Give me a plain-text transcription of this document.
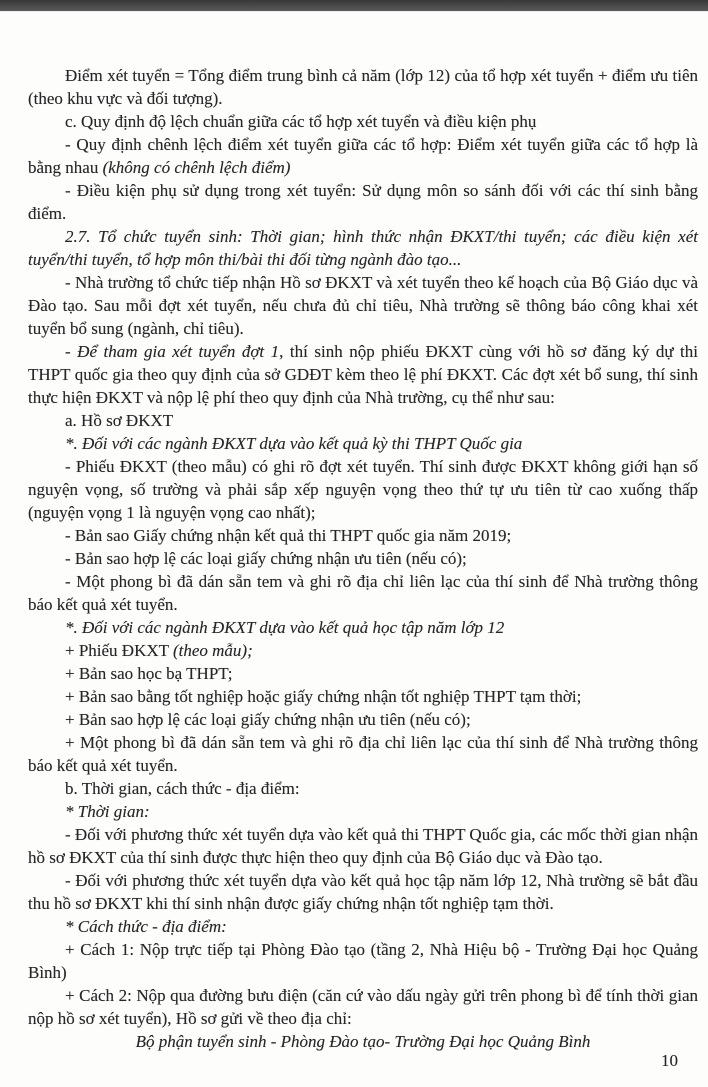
Điểm xét tuyển = Tổng điểm trung bình cả năm (lớp 12) của tổ hợp xét tuyển + điểm ưu tiên (theo khu vực và đối tượng).

c. Quy định độ lệch chuẩn giữa các tổ hợp xét tuyển và điều kiện phụ

- Quy định chênh lệch điểm xét tuyển giữa các tổ hợp: Điểm xét tuyển giữa các tổ hợp là bằng nhau (không có chênh lệch điểm)

- Điều kiện phụ sử dụng trong xét tuyển: Sử dụng môn so sánh đối với các thí sinh bằng điểm.

2.7. Tổ chức tuyển sinh: Thời gian; hình thức nhận ĐKXT/thi tuyển; các điều kiện xét tuyển/thi tuyển, tổ hợp môn thi/bài thi đối từng ngành đào tạo...

- Nhà trường tổ chức tiếp nhận Hồ sơ ĐKXT và xét tuyển theo kế hoạch của Bộ Giáo dục và Đào tạo. Sau mỗi đợt xét tuyển, nếu chưa đủ chỉ tiêu, Nhà trường sẽ thông báo công khai xét tuyển bổ sung (ngành, chỉ tiêu).

- Để tham gia xét tuyển đợt 1, thí sinh nộp phiếu ĐKXT cùng với hồ sơ đăng ký dự thi THPT quốc gia theo quy định của sở GDĐT kèm theo lệ phí ĐKXT. Các đợt xét bổ sung, thí sinh thực hiện ĐKXT và nộp lệ phí theo quy định của Nhà trường, cụ thể như sau:

a. Hồ sơ ĐKXT

*. Đối với các ngành ĐKXT dựa vào kết quả kỳ thi THPT Quốc gia

- Phiếu ĐKXT (theo mẫu) có ghi rõ đợt xét tuyển. Thí sinh được ĐKXT không giới hạn số nguyện vọng, số trường và phải sắp xếp nguyện vọng theo thứ tự ưu tiên từ cao xuống thấp (nguyện vọng 1 là nguyện vọng cao nhất);

- Bản sao Giấy chứng nhận kết quả thi THPT quốc gia năm 2019;

- Bản sao hợp lệ các loại giấy chứng nhận ưu tiên (nếu có);

- Một phong bì đã dán sẵn tem và ghi rõ địa chỉ liên lạc của thí sinh để Nhà trường thông báo kết quả xét tuyển.

*. Đối với các ngành ĐKXT dựa vào kết quả học tập năm lớp 12

+ Phiếu ĐKXT (theo mẫu);

+ Bản sao học bạ THPT;

+ Bản sao bằng tốt nghiệp hoặc giấy chứng nhận tốt nghiệp THPT tạm thời;

+ Bản sao hợp lệ các loại giấy chứng nhận ưu tiên (nếu có);

+ Một phong bì đã dán sẵn tem và ghi rõ địa chỉ liên lạc của thí sinh để Nhà trường thông báo kết quả xét tuyển.

b. Thời gian, cách thức - địa điểm:

* Thời gian:

- Đối với phương thức xét tuyển dựa vào kết quả thi THPT Quốc gia, các mốc thời gian nhận hồ sơ ĐKXT của thí sinh được thực hiện theo quy định của Bộ Giáo dục và Đào tạo.

- Đối với phương thức xét tuyển dựa vào kết quả học tập năm lớp 12, Nhà trường sẽ bắt đầu thu hồ sơ ĐKXT khi thí sinh nhận được giấy chứng nhận tốt nghiệp tạm thời.

* Cách thức - địa điểm:

+ Cách 1: Nộp trực tiếp tại Phòng Đào tạo (tầng 2, Nhà Hiệu bộ - Trường Đại học Quảng Bình)

+ Cách 2: Nộp qua đường bưu điện (căn cứ vào dấu ngày gửi trên phong bì để tính thời gian nộp hồ sơ xét tuyển), Hồ sơ gửi về theo địa chỉ:

Bộ phận tuyển sinh - Phòng Đào tạo- Trường Đại học Quảng Bình

10
